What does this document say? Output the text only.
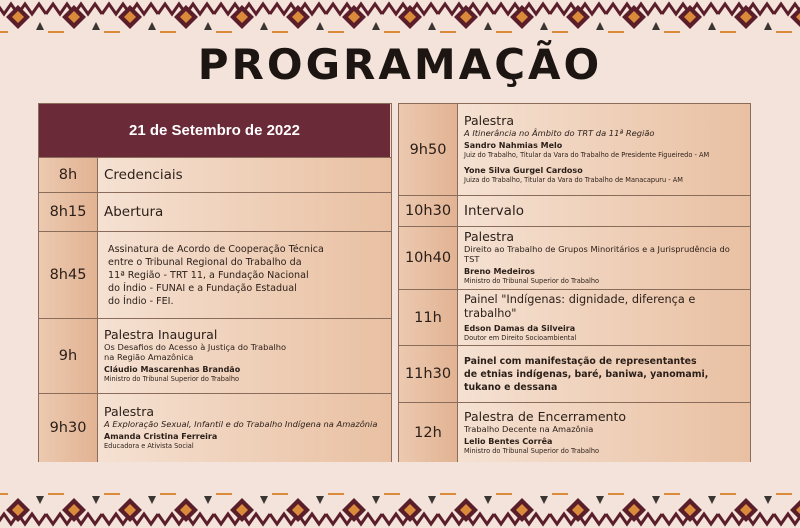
PROGRAMAÇÃO
21 de Setembro de 2022
8h	Credenciais
8h15	Abertura
8h45
Assinatura de Acordo de Cooperação Técnica
entre o Tribunal Regional do Trabalho da
11ª Região - TRT 11, a Fundação Nacional
do Índio - FUNAI e a Fundação Estadual
do Índio - FEI.
9h
Palestra Inaugural
Os Desafios do Acesso à Justiça do Trabalho
na Região Amazônica
Cláudio Mascarenhas Brandão
Ministro do Tribunal Superior do Trabalho
9h30
Palestra
A Exploração Sexual, Infantil e do Trabalho Indígena na Amazônia
Amanda Cristina Ferreira
Educadora e Ativista Social
9h50
Palestra
A Itinerância no Âmbito do TRT da 11ª Região
Sandro Nahmias Melo
Juiz do Trabalho, Titular da Vara do Trabalho de Presidente Figueiredo - AM
Yone Silva Gurgel Cardoso
Juiza do Trabalho, Titular da Vara do Trabalho de Manacapuru - AM
10h30 Intervalo
10h40
Palestra
Direito ao Trabalho de Grupos Minoritários e a Jurisprudência do TST
Breno Medeiros
Ministro do Tribunal Superior do Trabalho
11h
Painel "Indígenas: dignidade, diferença e trabalho"
Edson Damas da Silveira
Doutor em Direito Socioambiental
11h30
Painel com manifestação de representantes
de etnias indígenas, baré, baniwa, yanomami,
tukano e dessana
12h
Palestra de Encerramento
Trabalho Decente na Amazônia
Lelio Bentes Corrêa
Ministro do Tribunal Superior do Trabalho
